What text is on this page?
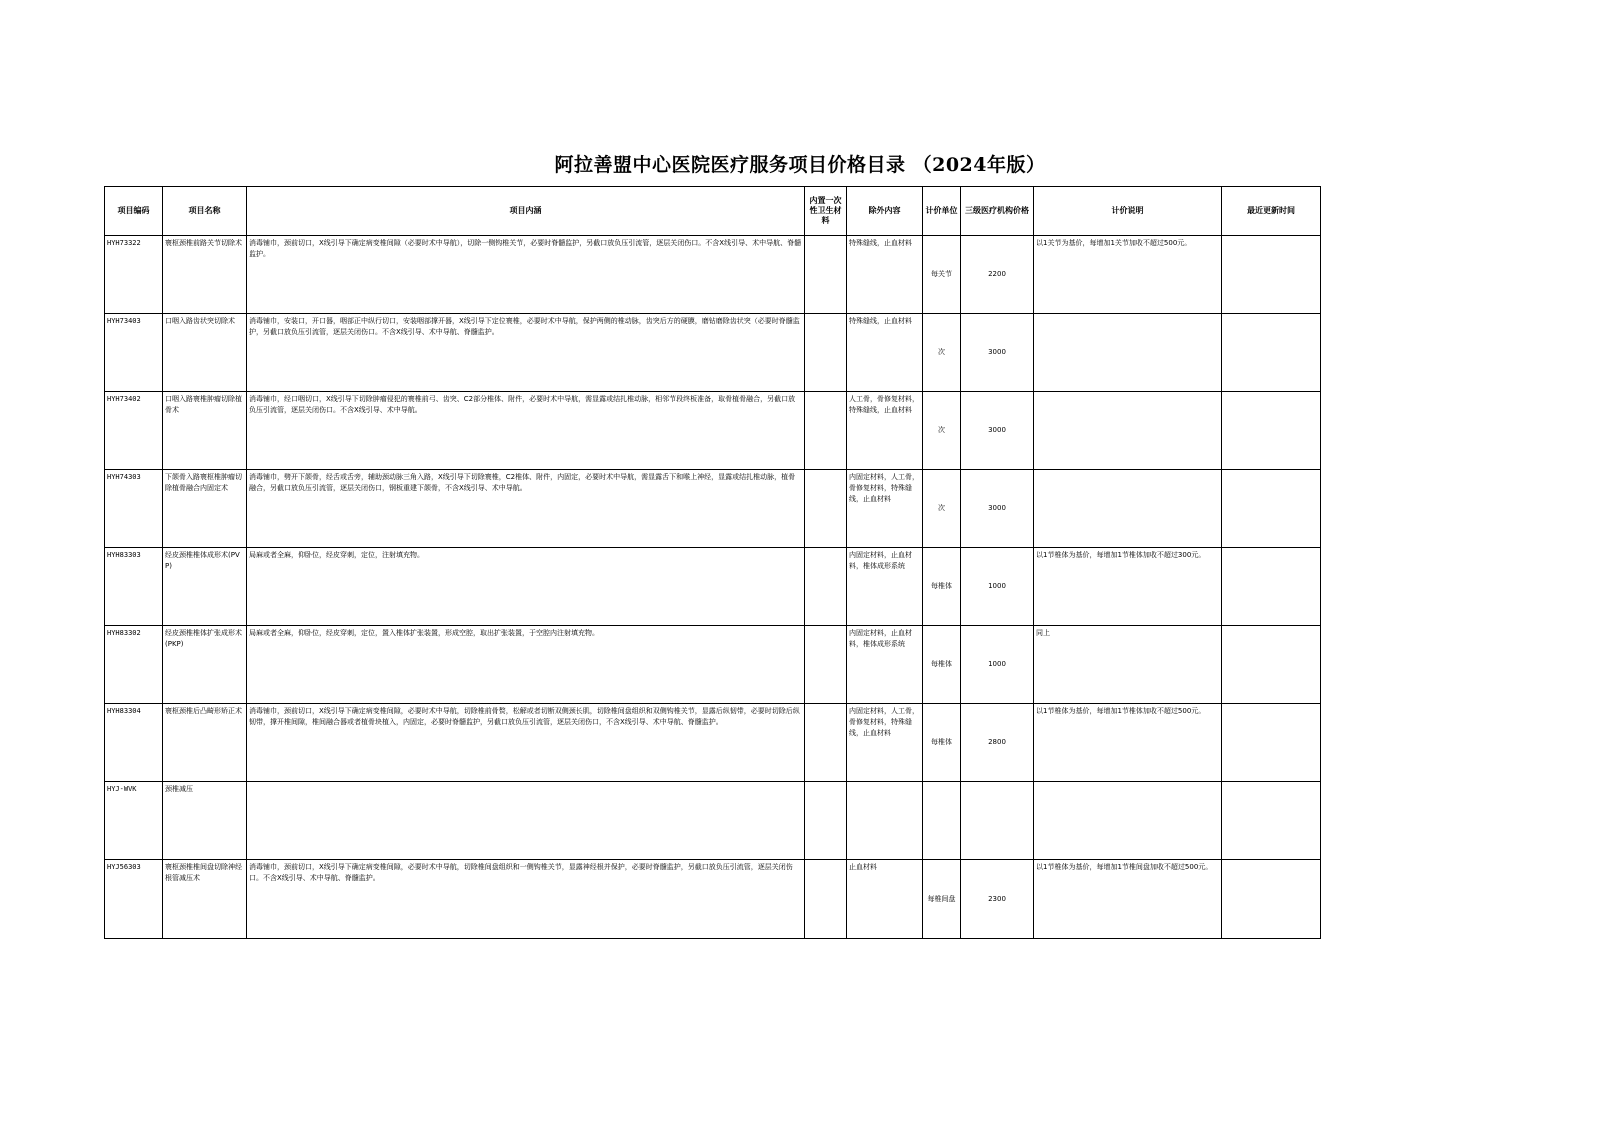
阿拉善盟中心医院医疗服务项目价格目录 （2024年版）
项目编码	项目名称	项目内涵	内置一次性卫生材料	除外内容	计价单位	三级医疗机构价格	计价说明	最近更新时间
HYH73322	寰枢颈椎前路关节切除术	消毒铺巾，颈前切口，X线引导下确定病变椎间隙（必要时术中导航），切除一侧钩椎关节，必要时脊髓监护，另截口放负压引流管，逐层关闭伤口。不含X线引导、术中导航、脊髓监护。		特殊缝线，止血材料	每关节	2200	以1关节为基价，每增加1关节加收不超过500元。	
HYH73403	口咽入路齿状突切除术	消毒铺巾，安装口，开口器，咽部正中纵行切口，安装咽部撑开器，X线引导下定位寰椎，必要时术中导航，保护两侧的椎动脉，齿突后方的硬膜，磨钻磨除齿状突（必要时脊髓监护，另截口放负压引流管，逐层关闭伤口。不含X线引导、术中导航、脊髓监护。		特殊缝线，止血材料	次	3000		
HYH73402	口咽入路寰椎肿瘤切除植骨术	消毒铺巾，经口咽切口，X线引导下切除肿瘤侵犯的寰椎前弓、齿突、C2部分椎体、附件，必要时术中导航，需显露或结扎椎动脉，相邻节段终板准备，取骨植骨融合，另截口放负压引流管，逐层关闭伤口。不含X线引导、术中导航。		人工骨，骨修复材料，特殊缝线，止血材料	次	3000		
HYH74303	下颌骨入路寰枢椎肿瘤切除植骨融合内固定术	消毒铺巾，劈开下颌骨，经舌或舌旁，辅助颈动脉三角入路，X线引导下切除寰椎，C2椎体、附件，内固定，必要时术中导航，需显露舌下和喉上神经，显露或结扎椎动脉，植骨融合，另截口放负压引流管，逐层关闭伤口，钢板重建下颌骨，不含X线引导、术中导航。		内固定材料，人工骨，骨修复材料，特殊缝线，止血材料	次	3000		
HYH83303	经皮颈椎椎体成形术(PVP)	局麻或者全麻，仰卧位，经皮穿刺，定位，注射填充物。		内固定材料，止血材料，椎体成形系统	每椎体	1000	以1节椎体为基价，每增加1节椎体加收不超过300元。	
HYH83302	经皮颈椎椎体扩张成形术(PKP)	局麻或者全麻，仰卧位，经皮穿刺，定位，置入椎体扩张装置，形成空腔，取出扩张装置，于空腔内注射填充物。		内固定材料，止血材料，椎体成形系统	每椎体	1000	同上	
HYH83304	寰枢颈椎后凸畸形矫正术	消毒铺巾，颈前切口，X线引导下确定病变椎间隙，必要时术中导航，切除椎前骨赘，松解或者切断双侧颈长肌，切除椎间盘组织和双侧钩椎关节，显露后纵韧带，必要时切除后纵韧带，撑开椎间隙，椎间融合器或者植骨块植入，内固定，必要时脊髓监护，另截口放负压引流管，逐层关闭伤口，不含X线引导、术中导航、脊髓监护。		内固定材料，人工骨，骨修复材料，特殊缝线，止血材料	每椎体	2800	以1节椎体为基价，每增加1节椎体加收不超过500元。	
HYJ-WVK	颈椎减压							
HYJ56303	寰枢颈椎椎间盘切除神经根管减压术	消毒铺巾，颈前切口，X线引导下确定病变椎间隙，必要时术中导航，切除椎间盘组织和一侧钩椎关节，显露神经根并保护，必要时脊髓监护，另截口放负压引流管，逐层关闭伤口。不含X线引导、术中导航、脊髓监护。		止血材料	每椎间盘	2300	以1节椎体为基价，每增加1节椎间盘加收不超过500元。	
